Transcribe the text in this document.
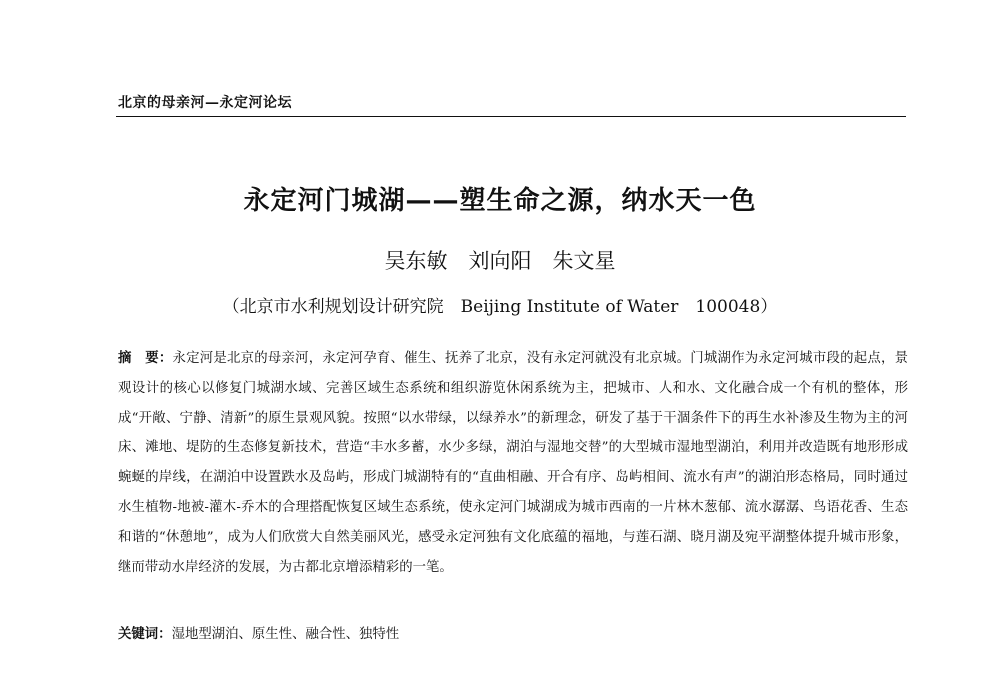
北京的母亲河—永定河论坛
永定河门城湖——塑生命之源，纳水天一色
吴东敏　刘向阳　朱文星
（北京市水利规划设计研究院　Beijing Institute of Water　100048）
摘　要：永定河是北京的母亲河，永定河孕育、催生、抚养了北京，没有永定河就没有北京城。门城湖作为永定河城市段的起点，景观设计的核心以修复门城湖水域、完善区域生态系统和组织游览休闲系统为主，把城市、人和水、文化融合成一个有机的整体，形成“开敞、宁静、清新”的原生景观风貌。按照“以水带绿，以绿养水”的新理念，研发了基于干涸条件下的再生水补渗及生物为主的河床、滩地、堤防的生态修复新技术，营造“丰水多蓄，水少多绿，湖泊与湿地交替”的大型城市湿地型湖泊，利用并改造既有地形形成蜿蜒的岸线，在湖泊中设置跌水及岛屿，形成门城湖特有的“直曲相融、开合有序、岛屿相间、流水有声”的湖泊形态格局，同时通过水生植物-地被-灌木-乔木的合理搭配恢复区域生态系统，使永定河门城湖成为城市西南的一片林木葱郁、流水潺潺、鸟语花香、生态和谐的“休憩地”，成为人们欣赏大自然美丽风光，感受永定河独有文化底蕴的福地，与莲石湖、晓月湖及宛平湖整体提升城市形象，继而带动水岸经济的发展，为古都北京增添精彩的一笔。
关键词：湿地型湖泊、原生性、融合性、独特性
